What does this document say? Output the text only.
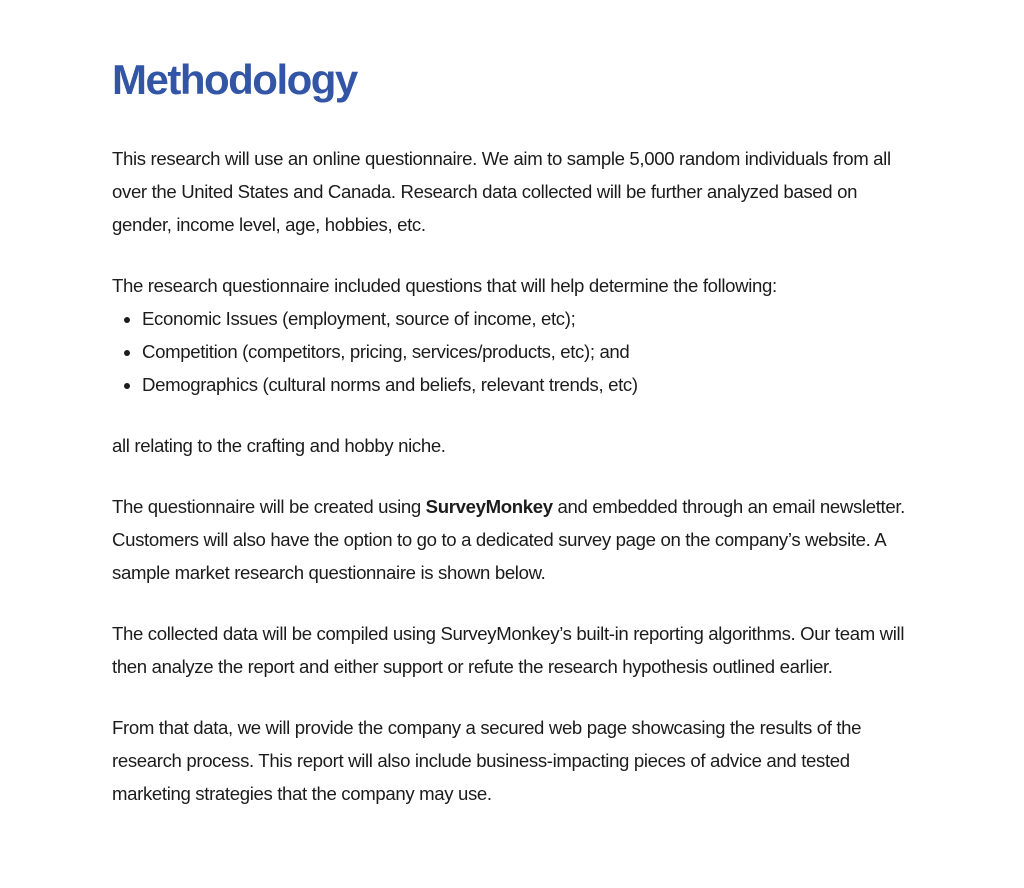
Methodology

This research will use an online questionnaire. We aim to sample 5,000 random individuals from all over the United States and Canada. Research data collected will be further analyzed based on gender, income level, age, hobbies, etc.

The research questionnaire included questions that will help determine the following:

• Economic Issues (employment, source of income, etc);
• Competition (competitors, pricing, services/products, etc); and
• Demographics (cultural norms and beliefs, relevant trends, etc)

all relating to the crafting and hobby niche.

The questionnaire will be created using SurveyMonkey and embedded through an email newsletter. Customers will also have the option to go to a dedicated survey page on the company’s website. A sample market research questionnaire is shown below.

The collected data will be compiled using SurveyMonkey’s built-in reporting algorithms. Our team will then analyze the report and either support or refute the research hypothesis outlined earlier.

From that data, we will provide the company a secured web page showcasing the results of the research process. This report will also include business-impacting pieces of advice and tested marketing strategies that the company may use.
